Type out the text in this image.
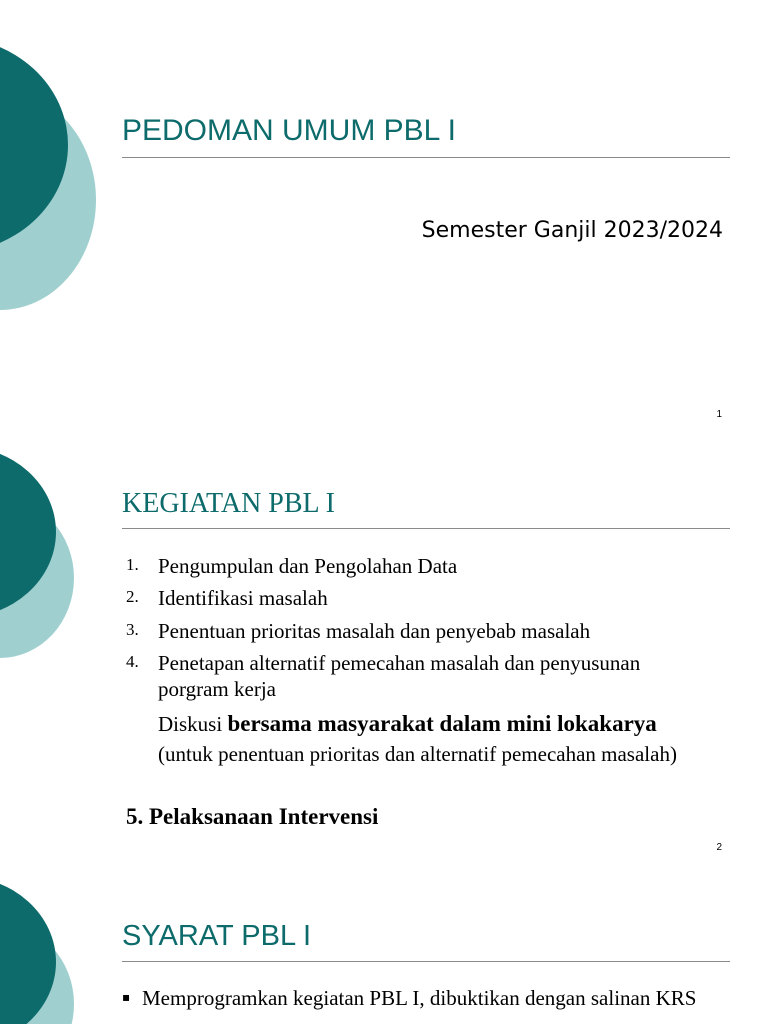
PEDOMAN UMUM PBL I
Semester Ganjil 2023/2024
1
KEGIATAN PBL I
1. Pengumpulan dan Pengolahan Data
2. Identifikasi masalah
3. Penentuan prioritas masalah dan penyebab masalah
4. Penetapan alternatif pemecahan masalah dan penyusunan porgram kerja
Diskusi bersama masyarakat dalam mini lokakarya (untuk penentuan prioritas dan alternatif pemecahan masalah)
5. Pelaksanaan Intervensi
2
SYARAT PBL I
▪ Memprogramkan kegiatan PBL I, dibuktikan dengan salinan KRS
